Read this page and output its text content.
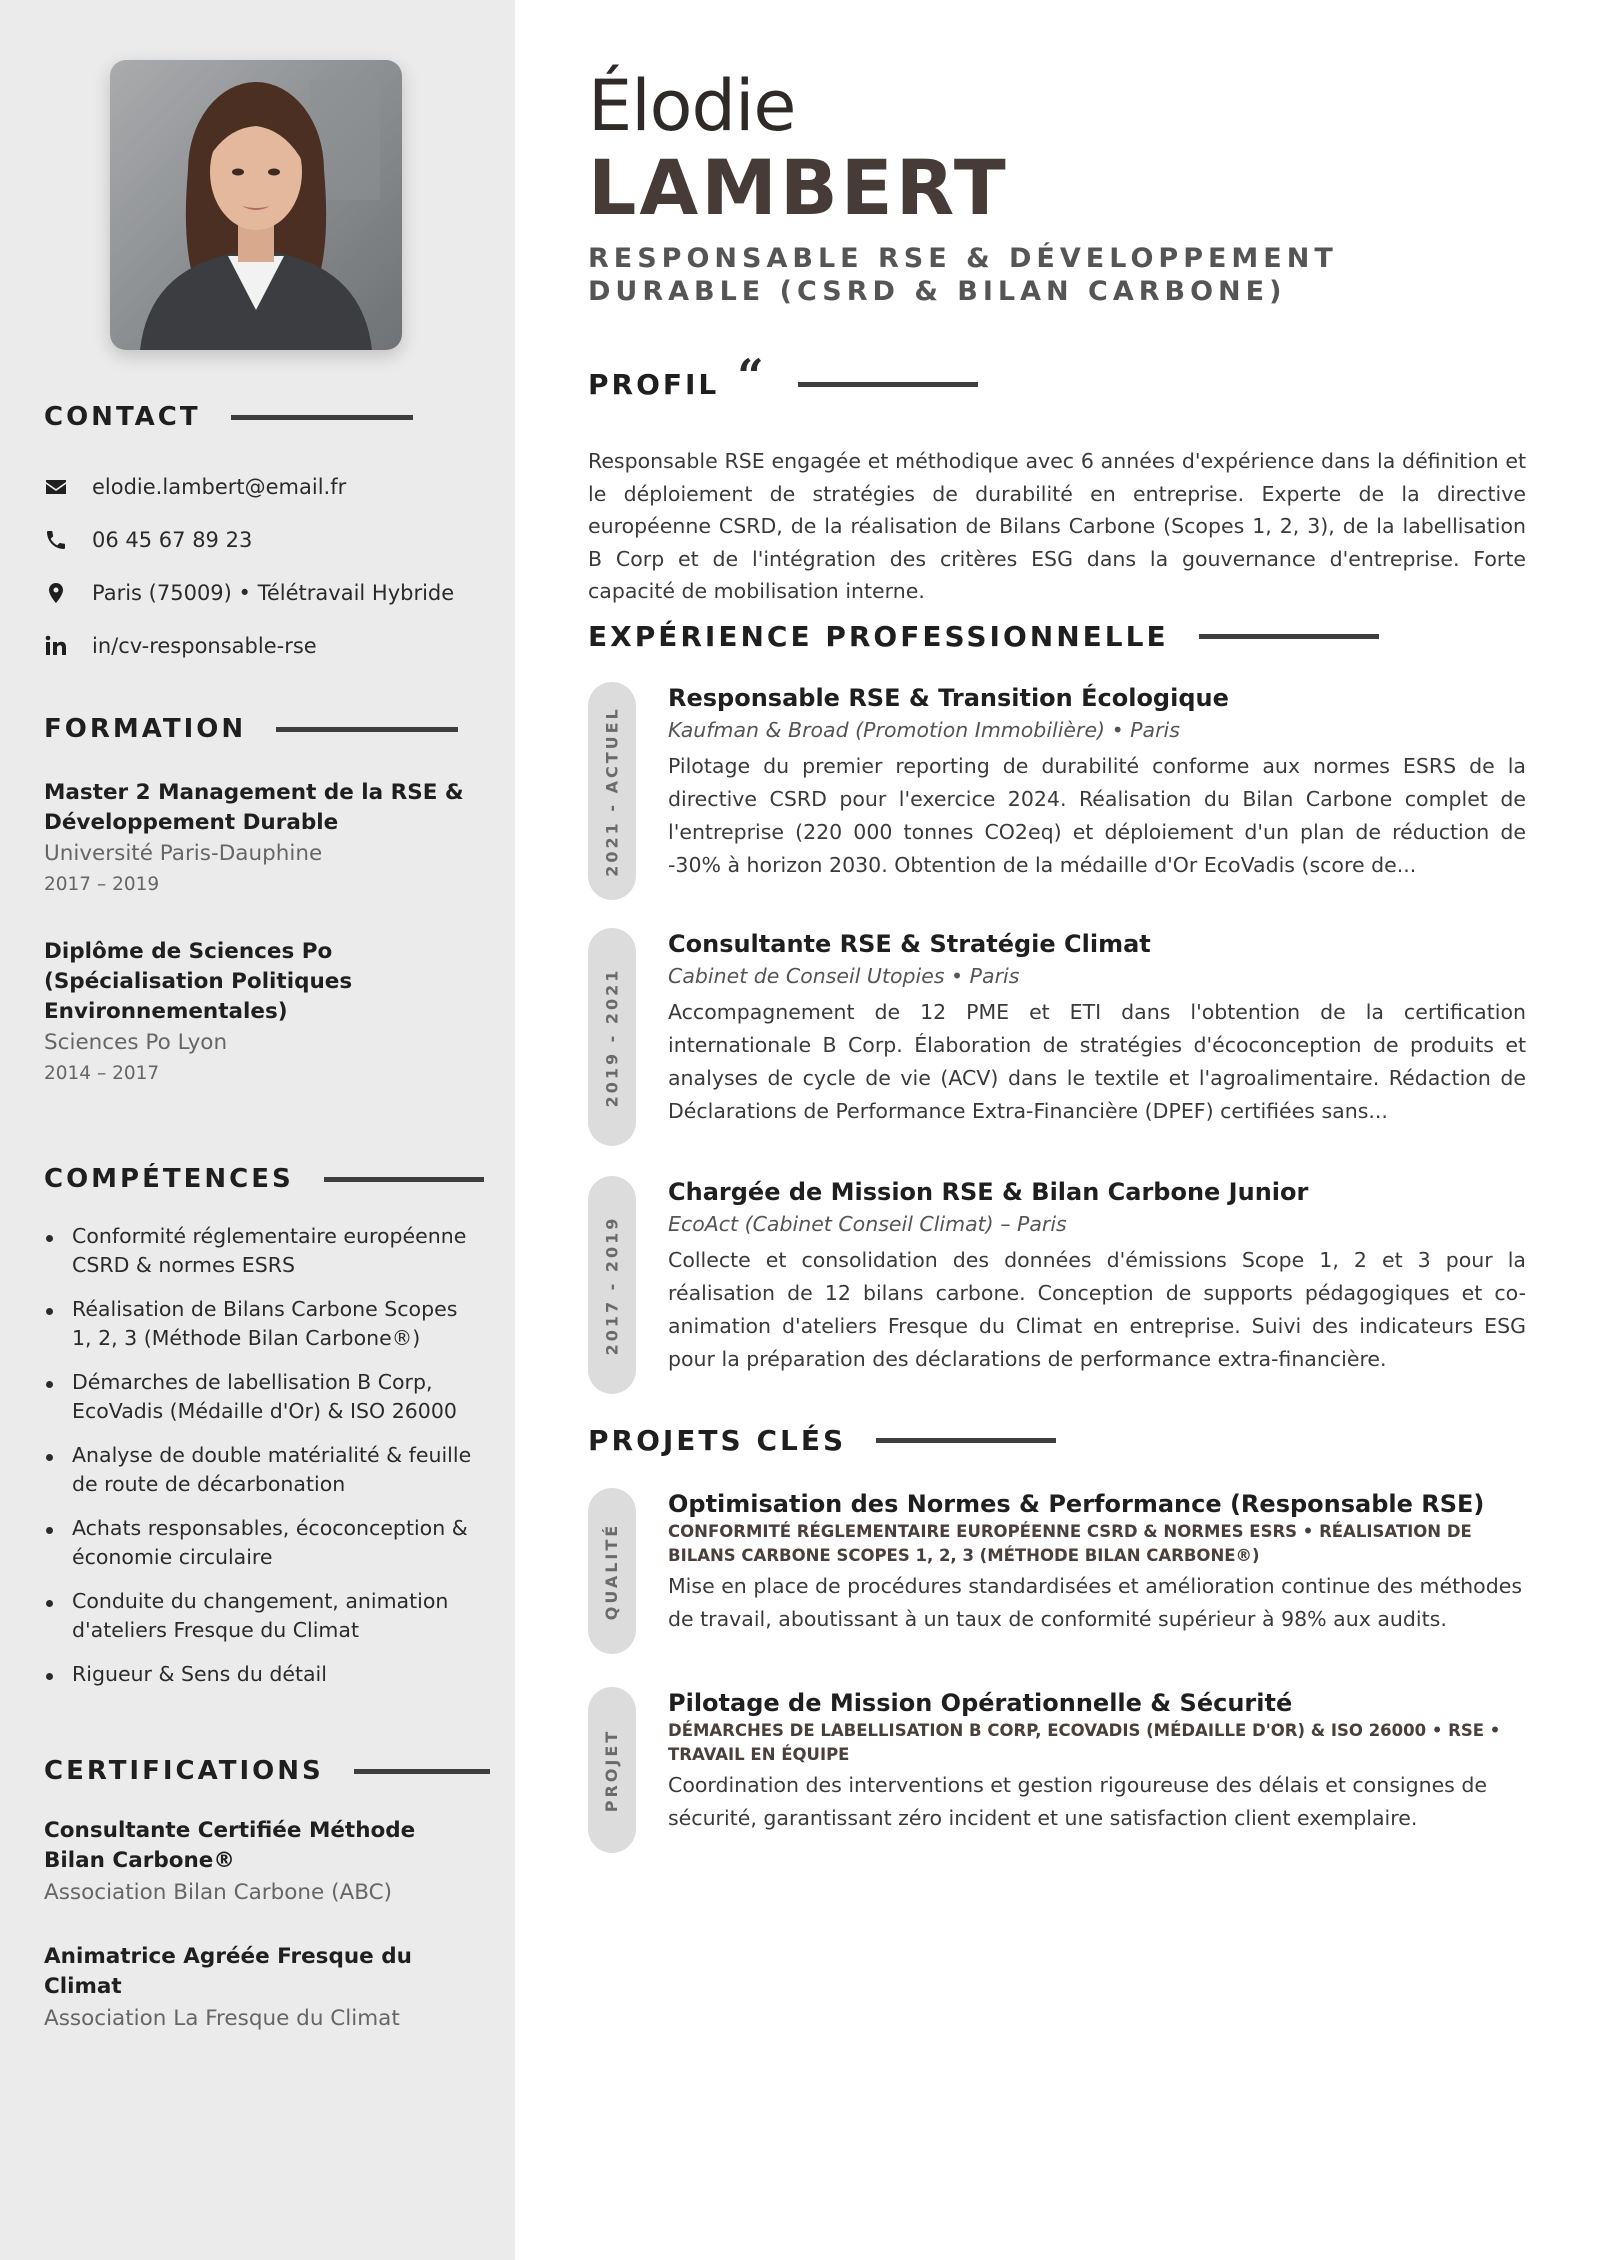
CONTACT
elodie.lambert@email.fr
06 45 67 89 23
Paris (75009) • Télétravail Hybride
in/cv-responsable-rse
FORMATION
Master 2 Management de la RSE & Développement Durable
Université Paris-Dauphine
2017 – 2019
Diplôme de Sciences Po (Spécialisation Politiques Environnementales)
Sciences Po Lyon
2014 – 2017
COMPÉTENCES
Conformité réglementaire européenne CSRD & normes ESRS
Réalisation de Bilans Carbone Scopes 1, 2, 3 (Méthode Bilan Carbone®)
Démarches de labellisation B Corp, EcoVadis (Médaille d'Or) & ISO 26000
Analyse de double matérialité & feuille de route de décarbonation
Achats responsables, écoconception & économie circulaire
Conduite du changement, animation d'ateliers Fresque du Climat
Rigueur & Sens du détail
CERTIFICATIONS
Consultante Certifiée Méthode Bilan Carbone®
Association Bilan Carbone (ABC)
Animatrice Agréée Fresque du Climat
Association La Fresque du Climat
Élodie
LAMBERT
RESPONSABLE RSE & DÉVELOPPEMENT DURABLE (CSRD & BILAN CARBONE)
PROFIL “

Responsable RSE engagée et méthodique avec 6 années d'expérience dans la définition et le déploiement de stratégies de durabilité en entreprise. Experte de la directive européenne CSRD, de la réalisation de Bilans Carbone (Scopes 1, 2, 3), de la labellisation B Corp et de l'intégration des critères ESG dans la gouvernance d'entreprise. Forte capacité de mobilisation interne.

EXPÉRIENCE PROFESSIONNELLE
2021 - ACTUEL
Responsable RSE & Transition Écologique
Kaufman & Broad (Promotion Immobilière) • Paris
Pilotage du premier reporting de durabilité conforme aux normes ESRS de la directive CSRD pour l'exercice 2024. Réalisation du Bilan Carbone complet de l'entreprise (220 000 tonnes CO2eq) et déploiement d'un plan de réduction de -30% à horizon 2030. Obtention de la médaille d'Or EcoVadis (score de...
2019 - 2021
Consultante RSE & Stratégie Climat
Cabinet de Conseil Utopies • Paris
Accompagnement de 12 PME et ETI dans l'obtention de la certification internationale B Corp. Élaboration de stratégies d'écoconception de produits et analyses de cycle de vie (ACV) dans le textile et l'agroalimentaire. Rédaction de Déclarations de Performance Extra-Financière (DPEF) certifiées sans...
2017 - 2019
Chargée de Mission RSE & Bilan Carbone Junior
EcoAct (Cabinet Conseil Climat) – Paris
Collecte et consolidation des données d'émissions Scope 1, 2 et 3 pour la réalisation de 12 bilans carbone. Conception de supports pédagogiques et co-animation d'ateliers Fresque du Climat en entreprise. Suivi des indicateurs ESG pour la préparation des déclarations de performance extra-financière.
PROJETS CLÉS
QUALITÉ
Optimisation des Normes & Performance (Responsable RSE)
CONFORMITÉ RÉGLEMENTAIRE EUROPÉENNE CSRD & NORMES ESRS • RÉALISATION DE BILANS CARBONE SCOPES 1, 2, 3 (MÉTHODE BILAN CARBONE®)
Mise en place de procédures standardisées et amélioration continue des méthodes de travail, aboutissant à un taux de conformité supérieur à 98% aux audits.
PROJET
Pilotage de Mission Opérationnelle & Sécurité
DÉMARCHES DE LABELLISATION B CORP, ECOVADIS (MÉDAILLE D'OR) & ISO 26000 • RSE • TRAVAIL EN ÉQUIPE
Coordination des interventions et gestion rigoureuse des délais et consignes de sécurité, garantissant zéro incident et une satisfaction client exemplaire.
